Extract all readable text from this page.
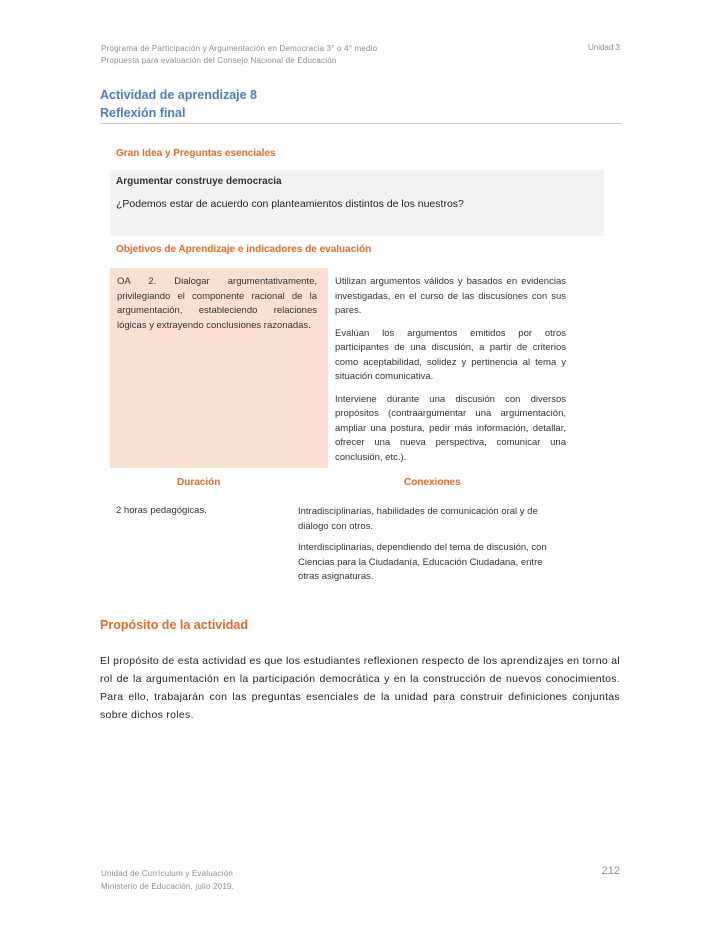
Programa de Participación y Argumentación en Democracia 3° o 4° medio
Propuesta para evaluación del Consejo Nacional de Educación
Unidad 3
Actividad de aprendizaje 8
Reflexión final
Gran Idea y Preguntas esenciales
Argumentar construye democracia
¿Podemos estar de acuerdo con planteamientos distintos de los nuestros?
Objetivos de Aprendizaje e indicadores de evaluación
OA 2. Dialogar argumentativamente, privilegiando el componente racional de la argumentación, estableciendo relaciones lógicas y extrayendo conclusiones razonadas.

Utilizan argumentos válidos y basados en evidencias investigadas, en el curso de las discusiones con sus pares.

Evalúan los argumentos emitidos por otros participantes de una discusión, a partir de criterios como aceptabilidad, solidez y pertinencia al tema y situación comunicativa.

Interviene durante una discusión con diversos propósitos (contraargumentar una argumentación, ampliar una postura, pedir más información, detallar, ofrecer una nueva perspectiva, comunicar una conclusión, etc.).

Duración	Conexiones
2 horas pedagógicas.	Intradisciplinarias, habilidades de comunicación oral y de diálogo con otros.

Interdisciplinarias, dependiendo del tema de discusión, con Ciencias para la Ciudadanía, Educación Ciudadana, entre otras asignaturas.

Propósito de la actividad
El propósito de esta actividad es que los estudiantes reflexionen respecto de los aprendizajes en torno al rol de la argumentación en la participación democrática y en la construcción de nuevos conocimientos. Para ello, trabajarán con las preguntas esenciales de la unidad para construir definiciones conjuntas sobre dichos roles.
Unidad de Currículum y Evaluación
Ministerio de Educación, julio 2019.
212
